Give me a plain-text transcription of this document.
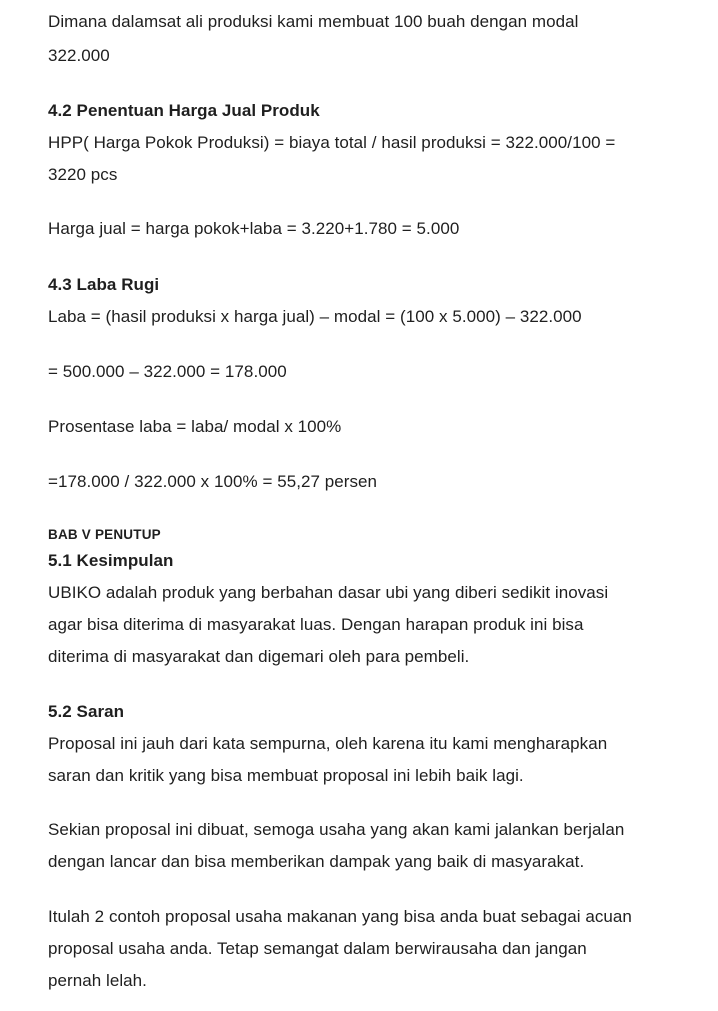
Dimana dalamsat ali produksi kami membuat 100 buah dengan modal
322.000
4.2 Penentuan Harga Jual Produk
HPP( Harga Pokok Produksi) = biaya total / hasil produksi = 322.000/100 =
3220 pcs
Harga jual = harga pokok+laba = 3.220+1.780 = 5.000
4.3 Laba Rugi
Laba = (hasil produksi x harga jual) – modal = (100 x 5.000) – 322.000
= 500.000 – 322.000 = 178.000
Prosentase laba = laba/ modal x 100%
=178.000 / 322.000 x 100% = 55,27 persen
BAB V PENUTUP
5.1 Kesimpulan
UBIKO adalah produk yang berbahan dasar ubi yang diberi sedikit inovasi
agar bisa diterima di masyarakat luas. Dengan harapan produk ini bisa
diterima di masyarakat dan digemari oleh para pembeli.
5.2 Saran
Proposal ini jauh dari kata sempurna, oleh karena itu kami mengharapkan
saran dan kritik yang bisa membuat proposal ini lebih baik lagi.
Sekian proposal ini dibuat, semoga usaha yang akan kami jalankan berjalan
dengan lancar dan bisa memberikan dampak yang baik di masyarakat.
Itulah 2 contoh proposal usaha makanan yang bisa anda buat sebagai acuan
proposal usaha anda. Tetap semangat dalam berwirausaha dan jangan
pernah lelah.
